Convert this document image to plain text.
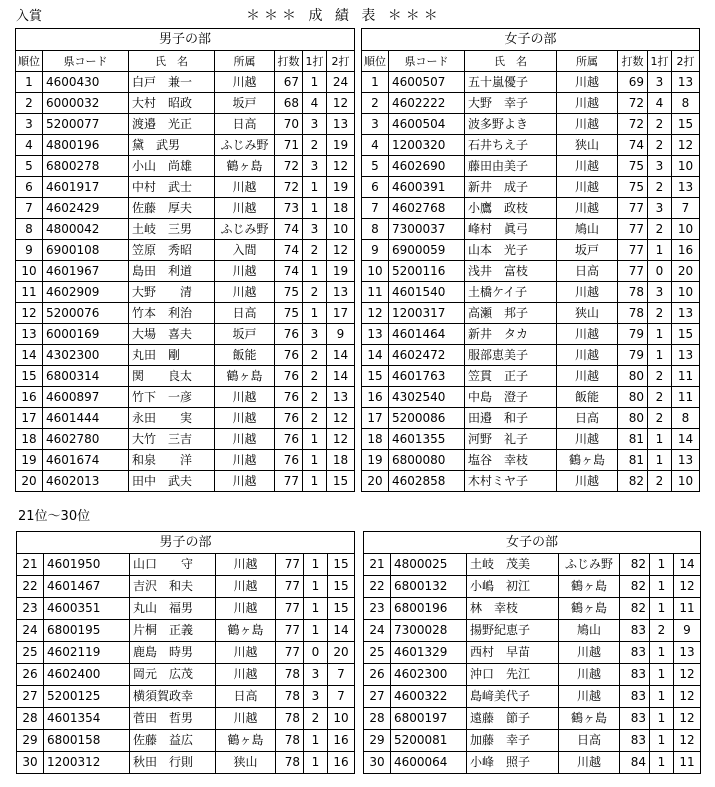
入賞	＊＊＊ 成 績 表 ＊＊＊
21位～30位
男子の部						
順位	県コード	氏　名	所属	打数	1打	2打
1	4600430	白戸　兼一	川越	67	1	24
2	6000032	大村　昭政	坂戸	68	4	12
3	5200077	渡邉　光正	日高	70	3	13
4	4800196	黛　武男	ふじみ野	71	2	19
5	6800278	小山　尚雄	鶴ヶ島	72	3	12
6	4601917	中村　武士	川越	72	1	19
7	4602429	佐藤　厚夫	川越	73	1	18
8	4800042	土岐　三男	ふじみ野	74	3	10
9	6900108	笠原　秀昭	入間	74	2	12
10	4601967	島田　利道	川越	74	1	19
11	4602909	大野　　清	川越	75	2	13
12	5200076	竹本　利治	日高	75	1	17
13	6000169	大場　喜夫	坂戸	76	3	9
14	4302300	丸田　剛	飯能	76	2	14
15	6800314	関　　良太	鶴ヶ島	76	2	14
16	4600897	竹下　一彦	川越	76	2	13
17	4601444	永田　　実	川越	76	2	12
18	4602780	大竹　三吉	川越	76	1	12
19	4601674	和泉　　洋	川越	76	1	18
20	4602013	田中　武夫	川越	77	1	15
女子の部						
順位	県コード	氏　名	所属	打数	1打	2打
1	4600507	五十嵐優子	川越	69	3	13
2	4602222	大野　幸子	川越	72	4	8
3	4600504	波多野よき	川越	72	2	15
4	1200320	石井ちえ子	狭山	74	2	12
5	4602690	藤田由美子	川越	75	3	10
6	4600391	新井　成子	川越	75	2	13
7	4602768	小鷹　政枝	川越	77	3	7
8	7300037	峰村　眞弓	鳩山	77	2	10
9	6900059	山本　光子	坂戸	77	1	16
10	5200116	浅井　富枝	日高	77	0	20
11	4601540	土橋ケイ子	川越	78	3	10
12	1200317	高瀬　邦子	狭山	78	2	13
13	4601464	新井　タカ	川越	79	1	15
14	4602472	服部恵美子	川越	79	1	13
15	4601763	笠貫　正子	川越	80	2	11
16	4302540	中島　澄子	飯能	80	2	11
17	5200086	田邉　和子	日高	80	2	8
18	4601355	河野　礼子	川越	81	1	14
19	6800080	塩谷　幸枝	鶴ヶ島	81	1	13
20	4602858	木村ミヤ子	川越	82	2	10
男子の部						
21	4601950	山口　　守	川越	77	1	15
22	4601467	吉沢　和夫	川越	77	1	15
23	4600351	丸山　福男	川越	77	1	15
24	6800195	片桐　正義	鶴ヶ島	77	1	14
25	4602119	鹿島　時男	川越	77	0	20
26	4602400	岡元　広茂	川越	78	3	7
27	5200125	横須賀政幸	日高	78	3	7
28	4601354	菅田　哲男	川越	78	2	10
29	6800158	佐藤　益広	鶴ヶ島	78	1	16
30	1200312	秋田　行則	狭山	78	1	16
女子の部						
21	4800025	土岐　茂美	ふじみ野	82	1	14
22	6800132	小嶋　初江	鶴ヶ島	82	1	12
23	6800196	林　幸枝	鶴ヶ島	82	1	11
24	7300028	揚野紀恵子	鳩山	83	2	9
25	4601329	西村　早苗	川越	83	1	13
26	4602300	沖口　先江	川越	83	1	12
27	4600322	島﨑美代子	川越	83	1	12
28	6800197	遠藤　節子	鶴ヶ島	83	1	12
29	5200081	加藤　幸子	日高	83	1	12
30	4600064	小峰　照子	川越	84	1	11
